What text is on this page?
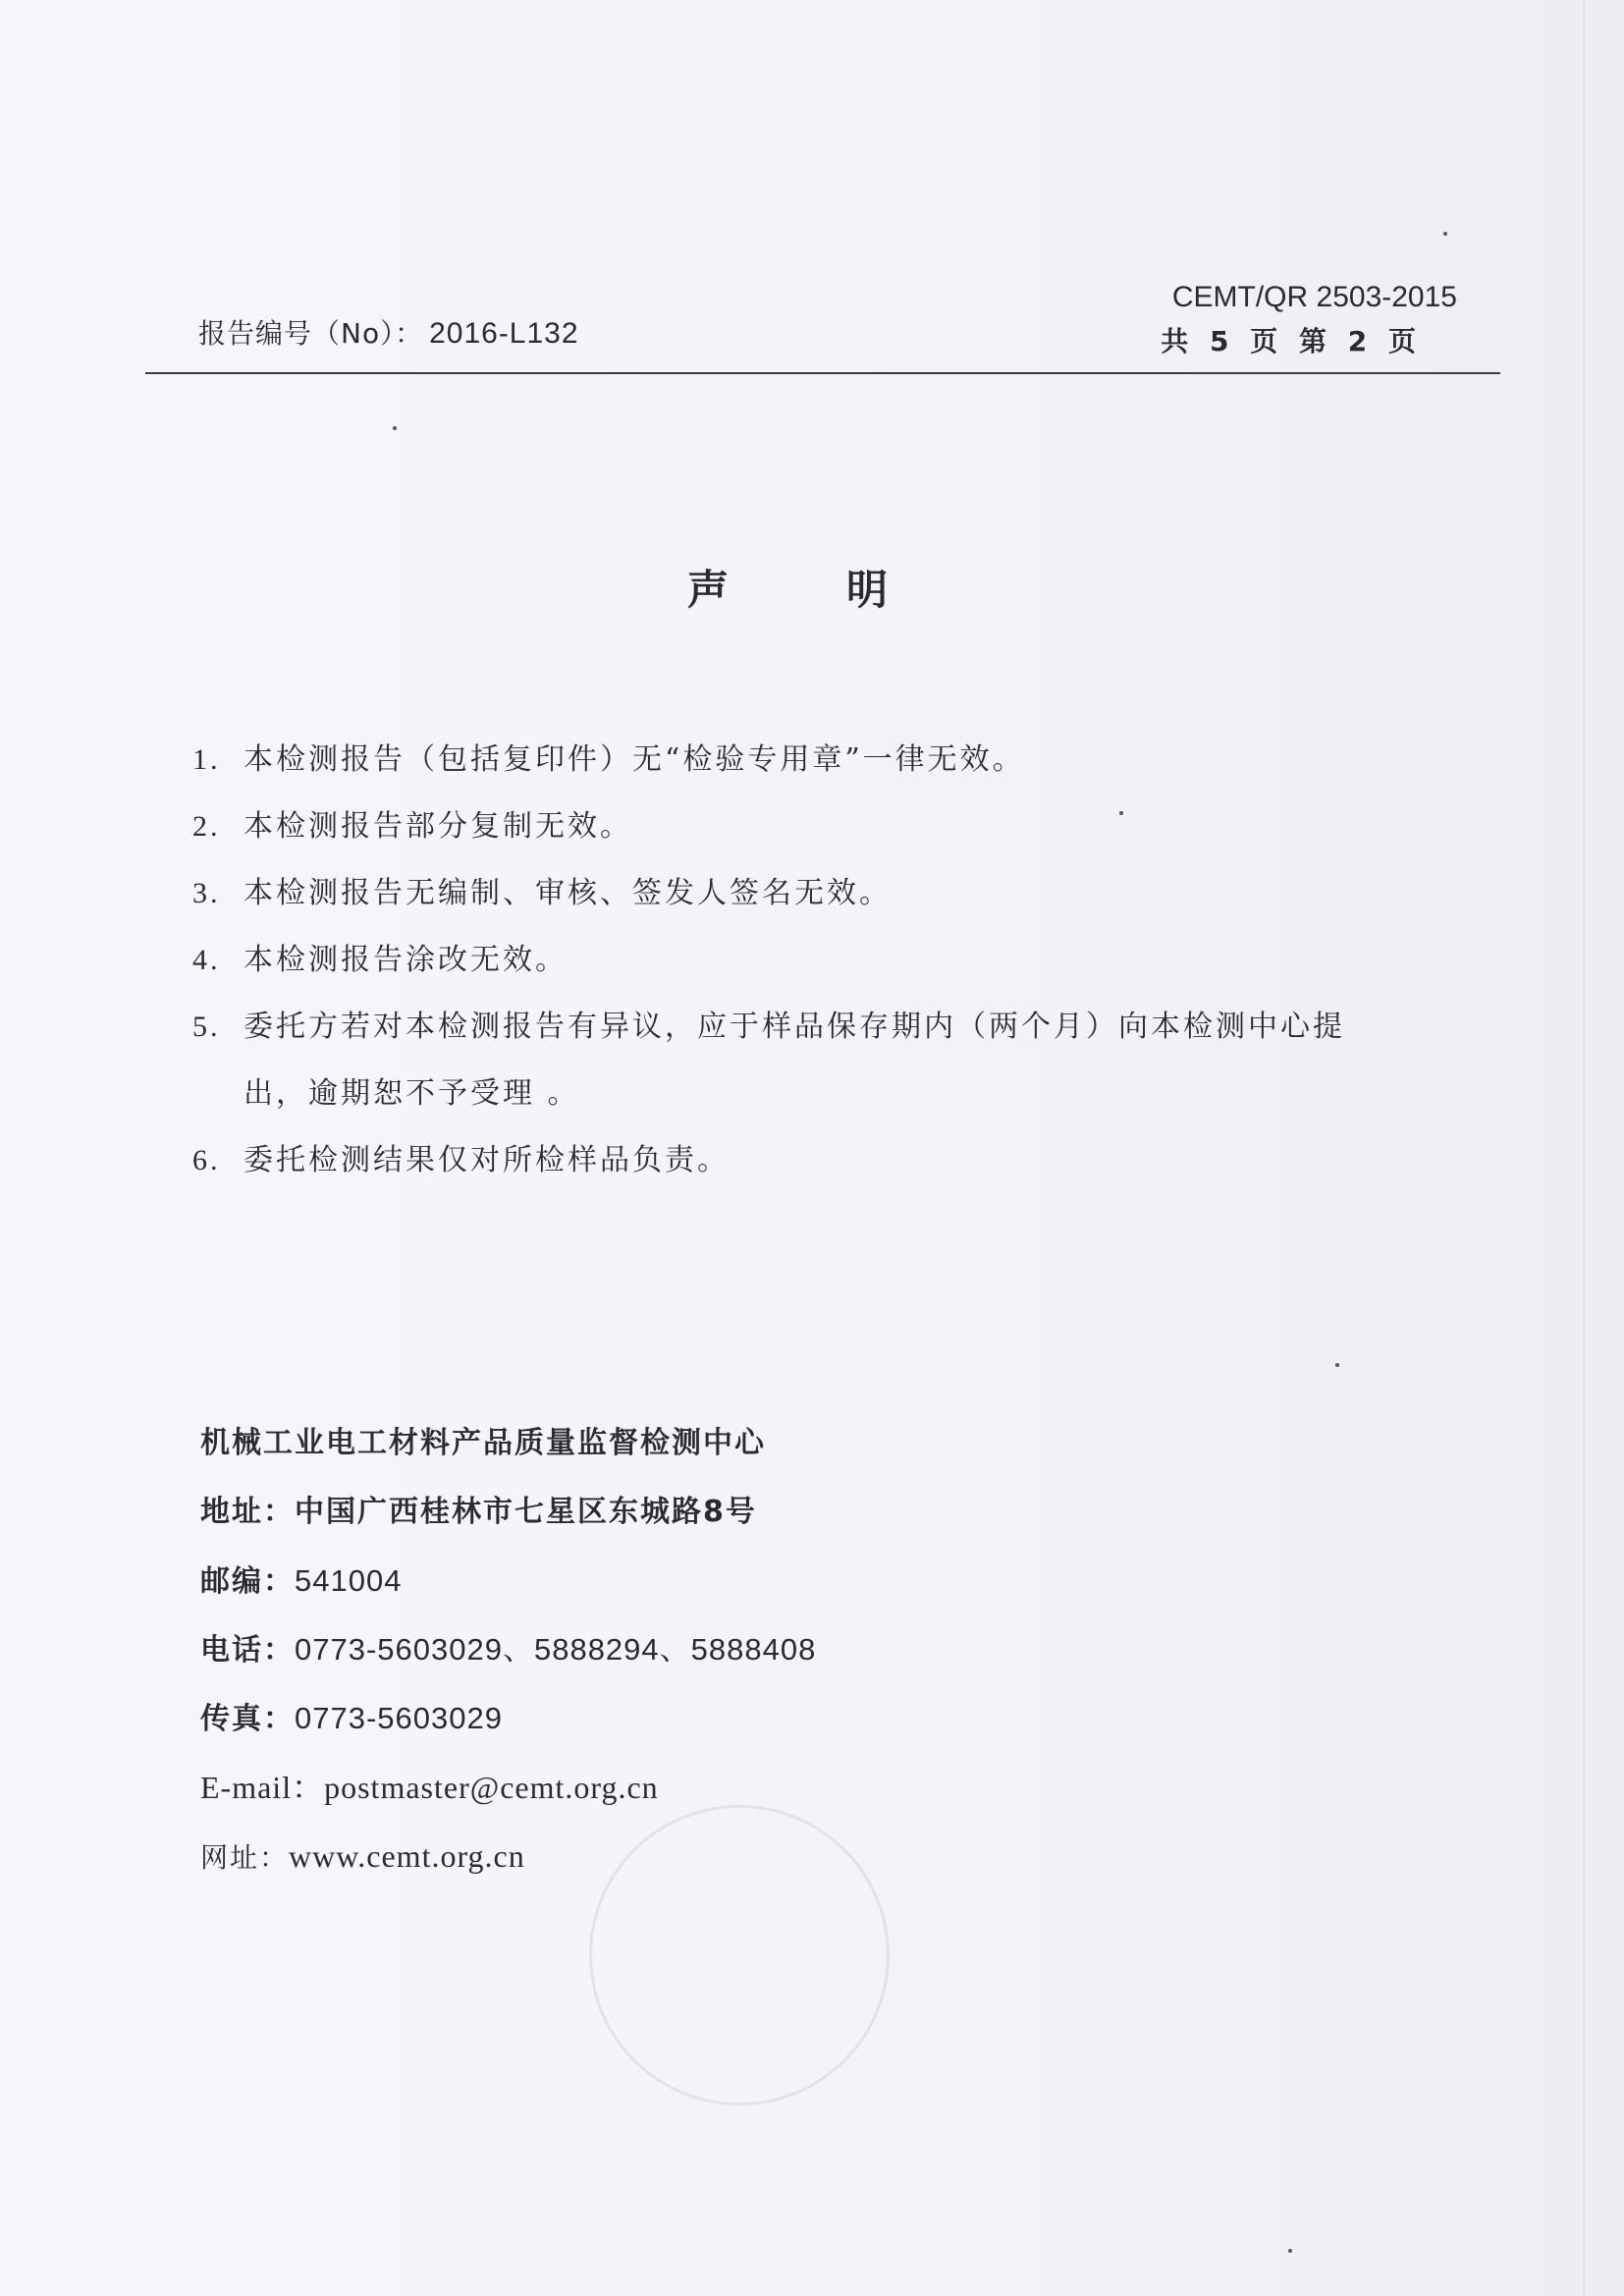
报告编号（No）： 2016-L132
CEMT/QR 2503-2015
共 5 页 第 2 页
声	明
1. 本检测报告（包括复印件）无“检验专用章”一律无效。
2. 本检测报告部分复制无效。
3. 本检测报告无编制、审核、签发人签名无效。
4. 本检测报告涂改无效。
5. 委托方若对本检测报告有异议，应于样品保存期内（两个月）向本检测中心提
出，逾期恕不予受理 。
6. 委托检测结果仅对所检样品负责。
机械工业电工材料产品质量监督检测中心
地址：中国广西桂林市七星区东城路8号
邮编：541004
电话：0773-5603029、5888294、5888408
传真：0773-5603029
E-mail：postmaster@cemt.org.cn
网址：www.cemt.org.cn
